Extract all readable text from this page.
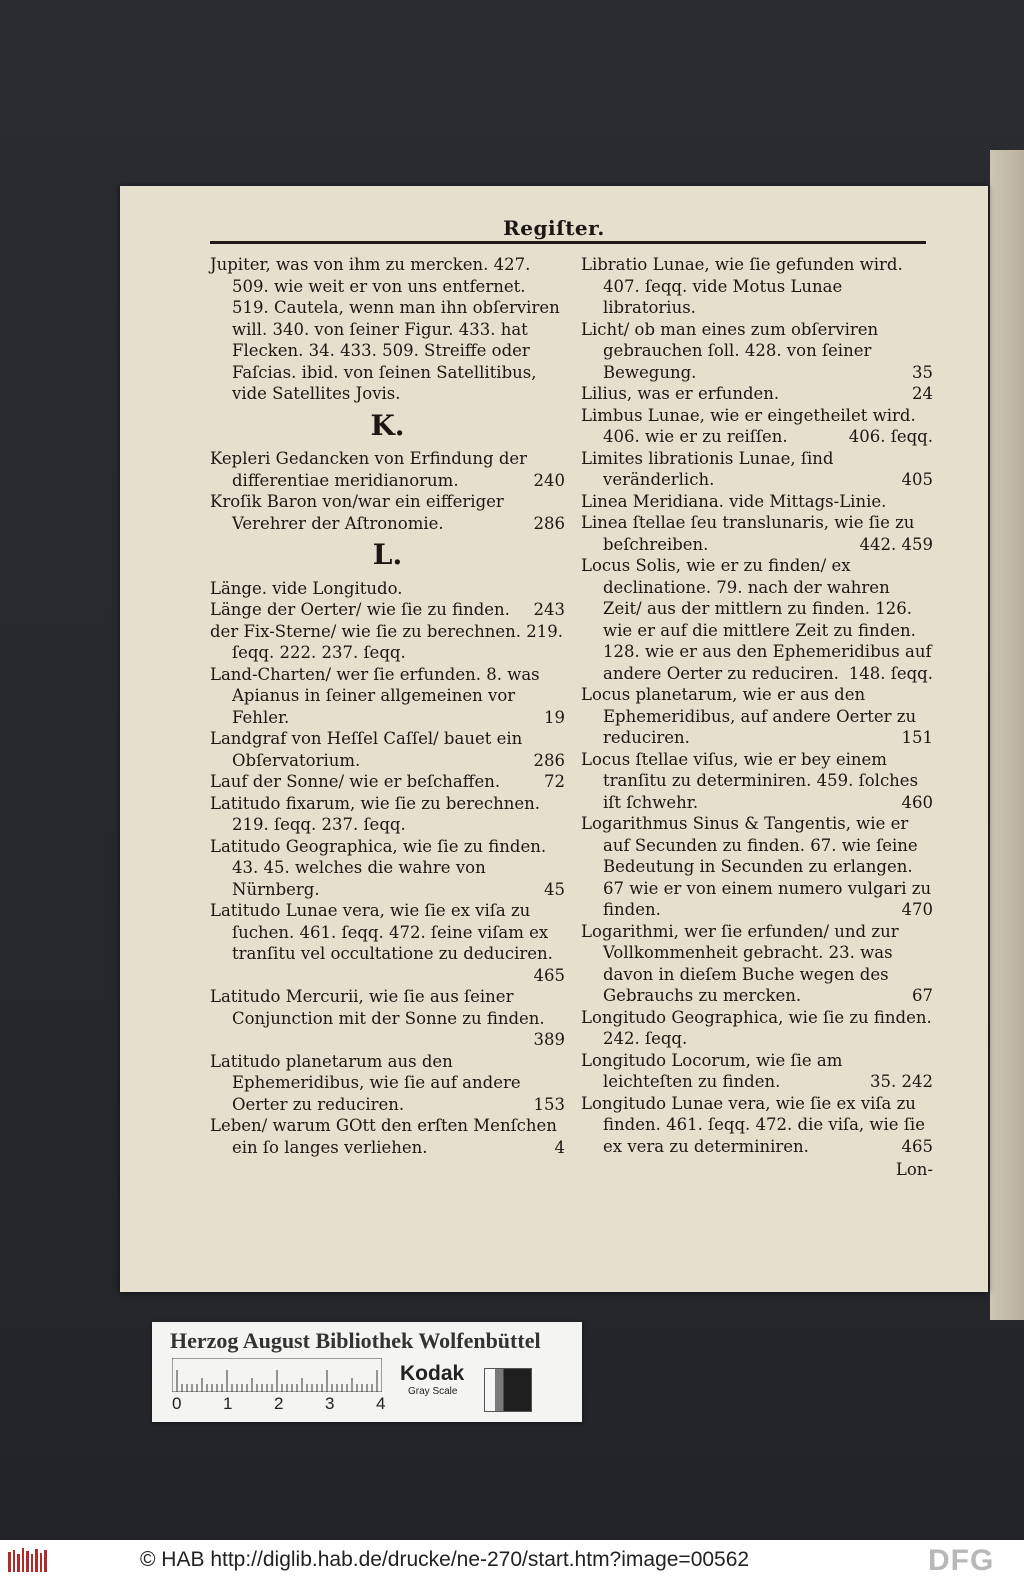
Regiſter.
Jupiter, was von ihm zu mercken. 427. 509. wie weit er von uns entfernet. 519. Cautela, wenn man ihn obſerviren will. 340. von ſeiner Figur. 433. hat Flecken. 34. 433. 509. Streiffe oder Faſcias. ibid. von ſeinen Satellitibus, vide Satellites Jovis.
K.
Kepleri Gedancken von Erfindung der differentiae meridianorum.	240
Kroſik Baron von/war ein eifferiger Verehrer der Aſtronomie.	286
L.
Länge. vide Longitudo.
Länge der Oerter/ wie ſie zu finden. 243
der Fix-Sterne/ wie ſie zu berechnen. 219. ſeqq. 222. 237. ſeqq.
Land-Charten/ wer ſie erfunden. 8. was Apianus in ſeiner allgemeinen vor Fehler.	19
Landgraf von Heſſel Caſſel/ bauet ein Obſervatorium.	286
Lauf der Sonne/ wie er beſchaffen.	72
Latitudo fixarum, wie ſie zu berechnen. 219. ſeqq. 237. ſeqq.
Latitudo Geographica, wie ſie zu finden. 43. 45. welches die wahre von Nürnberg.	45
Latitudo Lunae vera, wie ſie ex viſa zu ſuchen. 461. ſeqq. 472. ſeine viſam ex tranſitu vel occultatione zu deduciren.
465
Latitudo Mercurii, wie ſie aus ſeiner Conjunction mit der Sonne zu finden.
389
Latitudo planetarum aus den Ephemeridibus, wie ſie auf andere Oerter zu reduciren.	153
Leben/ warum GOtt den erſten Menſchen ein ſo langes verliehen.	4
Libratio Lunae, wie ſie gefunden wird. 407. ſeqq. vide Motus Lunae libratorius.
Licht/ ob man eines zum obſerviren gebrauchen ſoll. 428. von ſeiner Bewegung.	35
Lilius, was er erfunden.	24
Limbus Lunae, wie er eingetheilet wird. 406. wie er zu reiſſen.	406. ſeqq.
Limites librationis Lunae, ſind veränderlich.	405
Linea Meridiana. vide Mittags-Linie.
Linea ſtellae ſeu translunaris, wie ſie zu beſchreiben.	442. 459
Locus Solis, wie er zu finden/ ex declinatione. 79. nach der wahren Zeit/ aus der mittlern zu finden. 126. wie er auf die mittlere Zeit zu finden. 128. wie er aus den Ephemeridibus auf andere Oerter zu reduciren. 148. ſeqq.
Locus planetarum, wie er aus den Ephemeridibus, auf andere Oerter zu reduciren.	151
Locus ſtellae viſus, wie er bey einem tranſitu zu determiniren. 459. ſolches iſt ſchwehr.	460
Logarithmus Sinus & Tangentis, wie er auf Secunden zu finden. 67. wie ſeine Bedeutung in Secunden zu erlangen. 67 wie er von einem numero vulgari zu finden.	470
Logarithmi, wer ſie erfunden/ und zur Vollkommenheit gebracht. 23. was davon in dieſem Buche wegen des Gebrauchs zu mercken.	67
Longitudo Geographica, wie ſie zu finden. 242. ſeqq.
Longitudo Locorum, wie ſie am leichteſten zu finden.	35. 242
Longitudo Lunae vera, wie ſie ex viſa zu finden. 461. ſeqq. 472. die viſa, wie ſie ex vera zu determiniren.	465
Lon-
Herzog August Bibliothek Wolfenbüttel
0 1 2 3 4
Kodak
Gray Scale
© HAB http://diglib.hab.de/drucke/ne-270/start.htm?image=00562	DFG
